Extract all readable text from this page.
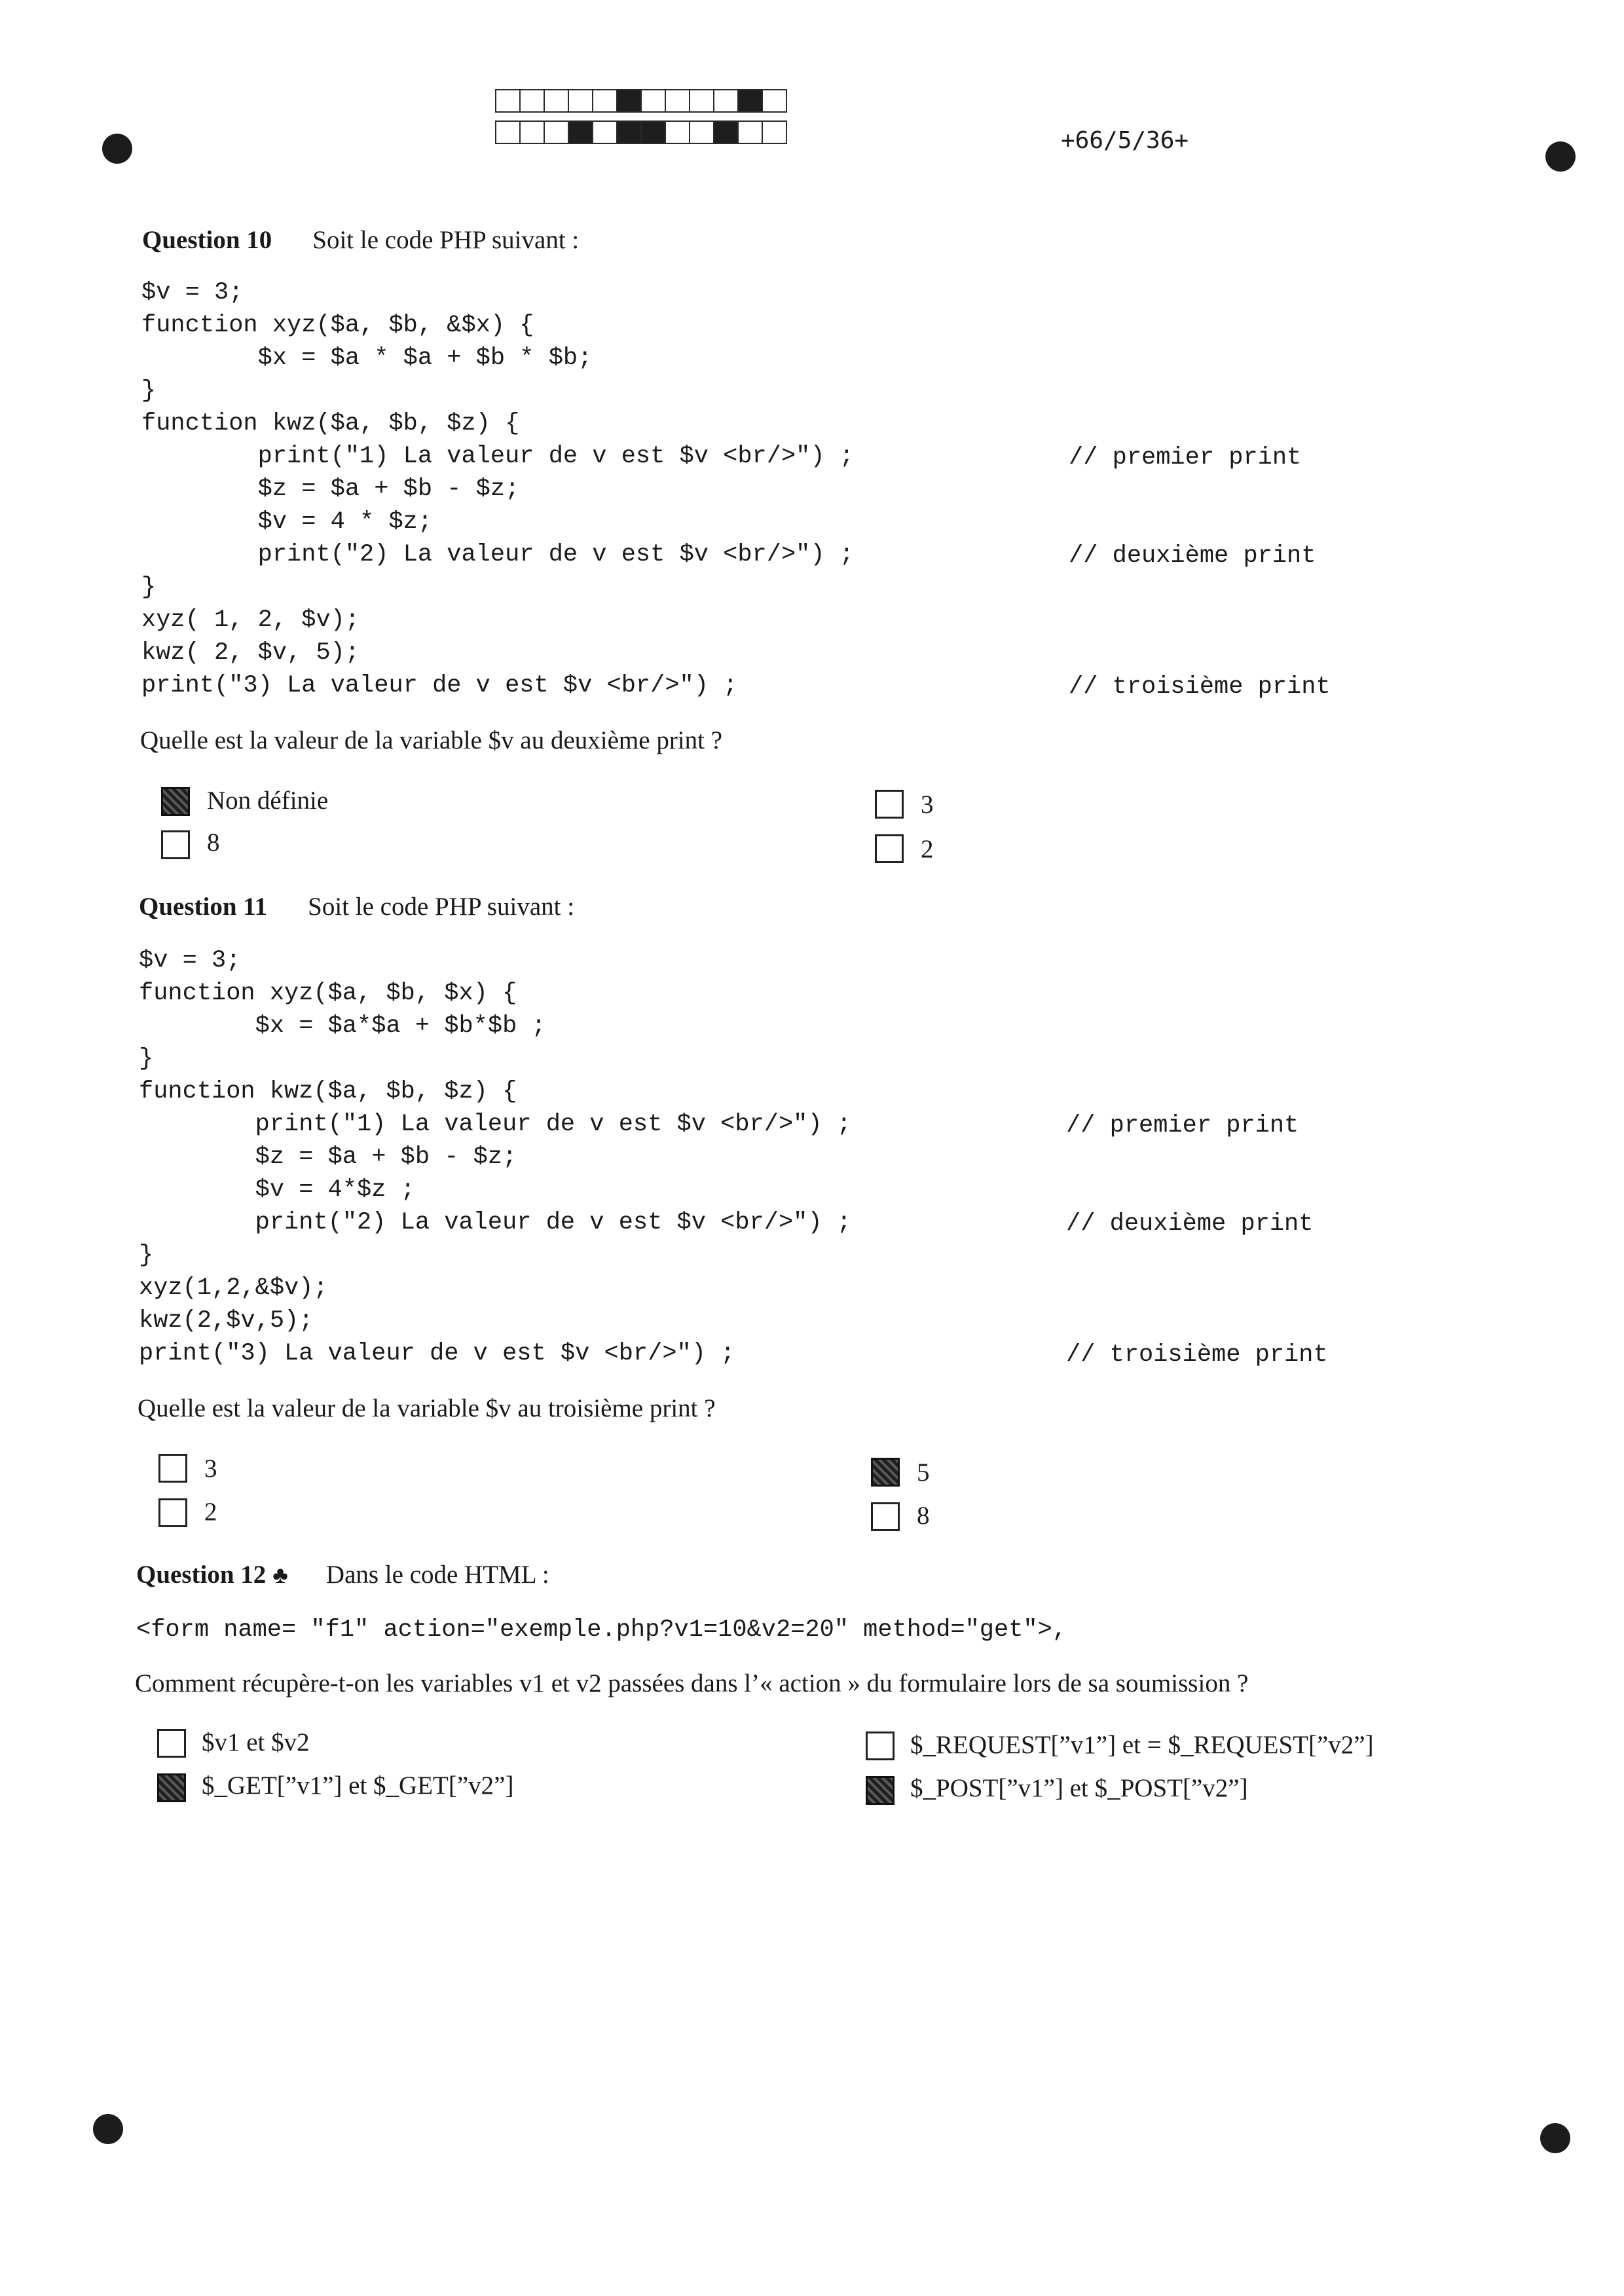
+66/5/36+
Question 10 Soit le code PHP suivant :
$v = 3;
function xyz($a, $b, &$x) {
$x = $a * $a + $b * $b;
}
function kwz($a, $b, $z) {
print("1) La valeur de v est $v <br/>") ;
$z = $a + $b - $z;
$v = 4 * $z;
print("2) La valeur de v est $v <br/>") ;
}
xyz( 1, 2, $v);
kwz( 2, $v, 5);
print("3) La valeur de v est $v <br/>") ;
// premier print
// deuxième print
// troisième print
Quelle est la valeur de la variable $v au deuxième print ?
Non définie
8
3
2
Question 11 Soit le code PHP suivant :
$v = 3;
function xyz($a, $b, $x) {
$x = $a*$a + $b*$b ;
}
function kwz($a, $b, $z) {
print("1) La valeur de v est $v <br/>") ;
$z = $a + $b - $z;
$v = 4*$z ;
print("2) La valeur de v est $v <br/>") ;
}
xyz(1,2,&$v);
kwz(2,$v,5);
print("3) La valeur de v est $v <br/>") ;
// premier print
// deuxième print
// troisième print
Quelle est la valeur de la variable $v au troisième print ?
3
2
5
8
Question 12 ♣ Dans le code HTML :
<form name= "f1" action="exemple.php?v1=10&v2=20" method="get">,
Comment récupère-t-on les variables v1 et v2 passées dans l’« action » du formulaire lors de sa soumission ?
$v1 et $v2
$_GET[”v1”] et $_GET[”v2”]
$_REQUEST[”v1”] et = $_REQUEST[”v2”]
$_POST[”v1”] et $_POST[”v2”]
